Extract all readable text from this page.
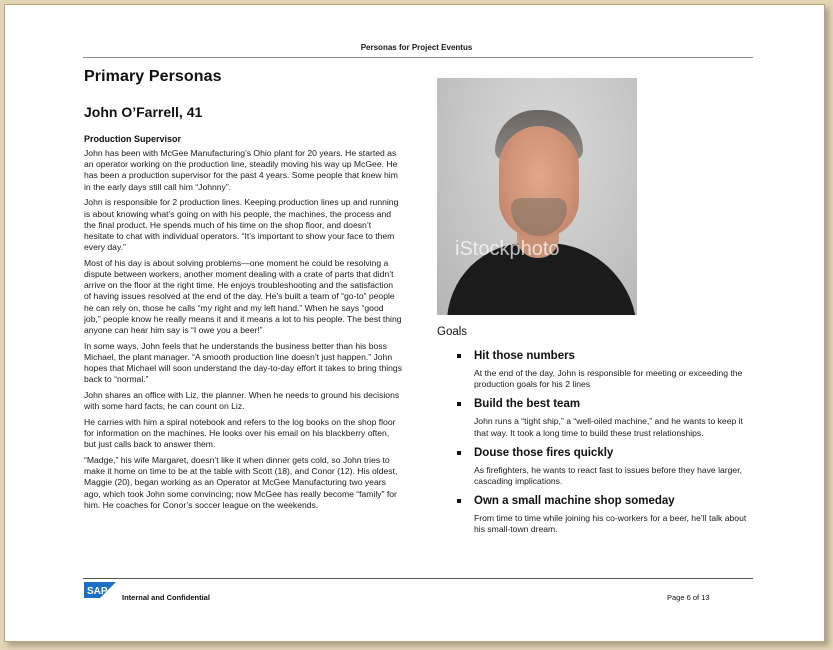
Personas for Project Eventus
Primary Personas
John O’Farrell, 41
Production Supervisor
John has been with McGee Manufacturing’s Ohio plant for 20 years. He started as an operator working on the production line, steadily moving his way up McGee. He has been a production supervisor for the past 4 years. Some people that knew him in the early days still call him “Johnny”.
John is responsible for 2 production lines. Keeping production lines up and running is about knowing what’s going on with his people, the machines, the process and the final product. He spends much of his time on the shop floor, and doesn’t hesitate to chat with individual operators. “It’s important to show your face to them every day.”
Most of his day is about solving problems—one moment he could be resolving a dispute between workers, another moment dealing with a crate of parts that didn’t arrive on the floor at the right time. He enjoys troubleshooting and the satisfaction of having issues resolved at the end of the day. He’s built a team of “go-to” people he can rely on, those he calls “my right and my left hand.” When he says “good job,” people know he really means it and it means a lot to his people. The best thing anyone can hear him say is “I owe you a beer!”
In some ways, John feels that he understands the business better than his boss Michael, the plant manager. “A smooth production line doesn’t just happen.” John hopes that Michael will soon understand the day-to-day effort it takes to bring things back to “normal.”
John shares an office with Liz, the planner. When he needs to ground his decisions with some hard facts, he can count on Liz.
He carries with him a spiral notebook and refers to the log books on the shop floor for information on the machines. He looks over his email on his blackberry often, but just calls back to answer them.
“Madge,” his wife Margaret, doesn’t like it when dinner gets cold, so John tries to make it home on time to be at the table with Scott (18), and Conor (12). His oldest, Maggie (20), began working as an Operator at McGee Manufacturing two years ago, which took John some convincing; now McGee has really become “family” for him. He coaches for Conor’s soccer league on the weekends.
iStockphoto
Goals
Hit those numbers
At the end of the day, John is responsible for meeting or exceeding the production goals for his 2 lines
Build the best team
John runs a “tight ship,” a “well-oiled machine,” and he wants to keep it that way. It took a long time to build these trust relationships.
Douse those fires quickly
As firefighters, he wants to react fast to issues before they have larger, cascading implications.
Own a small machine shop someday
From time to time while joining his co-workers for a beer, he’ll talk about his small-town dream.
SAP
Internal and Confidential	Page 6 of 13
